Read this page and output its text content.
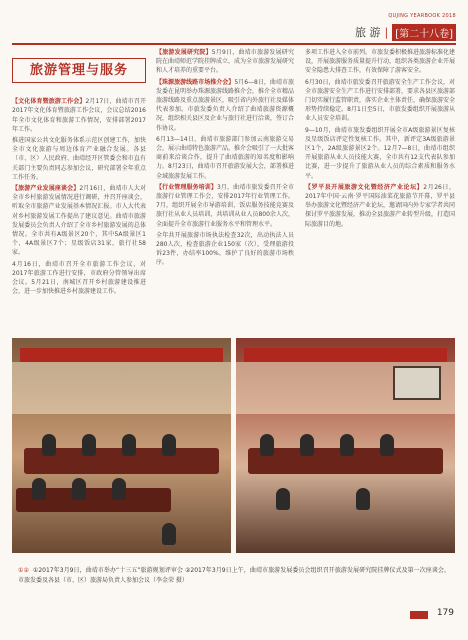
QUJING YEARBOOK 2018
旅 游 | [第二十八卷]
旅游管理与服务

【文化体育暨旅游工作会】2月17日，曲靖市召开2017年文化体育暨旅游工作会议，会议总结2016年全市文化体育和旅游工作情况，安排部署2017年工作。

推进国家公共文化服务体系示范区创建工作，加快全市文化旅游与周边体育产业融合发展。各县（市、区）人民政府、曲靖经开区管委会和市直有关部门主要负责同志参加会议，研究部署全年重点工作任务。

【旅游产业发展座谈会】2月16日，曲靖市人大对全市乡村旅游发展情况进行调研，并召开座谈会，听取全市旅游产业发展基本情况汇报。市人大代表对乡村旅游发展工作提出了建议意见。曲靖市旅游发展委员会负责人介绍了全市乡村旅游发展的总体情况。全市共有A级景区20个，其中5A级景区1个，4A级景区7个；星级饭店31家，旅行社58家。

4月16日，曲靖市召开全市旅游工作会议，对2017年旅游工作进行安排，市政府分管领导出席会议。5月21日，南城区召开乡村旅游建设推进会，进一步加快推进乡村旅游建设工作。

【旅游发展研究院】5月9日，曲靖市旅游发展研究院在曲靖师范学院挂牌成立，成为全市旅游发展研究和人才培养的重要平台。

【珠源旅游线路市场推介会】5月6—8日，曲靖市旅发委在昆明举办珠源旅游线路推介会，推介全市精品旅游线路及重点旅游景区，吸引省内外旅行社及媒体代表参加。市旅发委负责人介绍了曲靖旅游资源概况，组织相关县区及企业与旅行社进行洽谈，签订合作协议。

6月13—14日，曲靖市旅游部门参加云南旅游交易会，展示曲靖特色旅游产品，推介会吸引了一大批客商前来洽谈合作，提升了曲靖旅游的知名度和影响力。8月23日，曲靖市召开旅游发展大会，部署推进全域旅游发展工作。

【行业管理服务培训】3月，曲靖市旅发委召开全市旅游行业管理工作会，安排2017年行业管理工作。7月，组织开展全市导游培训、饭店服务技能竞赛及旅行社从业人员培训，共培训从业人员800余人次，全面提升全市旅游行业服务水平和管理水平。

全年共开展旅游市场执法检查32次，出动执法人员280人次，检查旅游企业150家（次），受理旅游投诉23件，办结率100%，维护了良好的旅游市场秩序。

多项工作进入全市前列。市旅发委积极推进旅游标准化建设，开展旅游服务质量提升行动，组织各类旅游企业开展安全隐患大排查工作，有效保障了游客安全。

6月30日，曲靖市旅发委召开旅游安全生产工作会议，对全市旅游安全生产工作进行安排部署，要求各县区旅游部门切实履行监管职责，落实企业主体责任，确保旅游安全形势持续稳定。8月1日至5日，市旅发委组织开展旅游从业人员安全培训。

9—10月，曲靖市旅发委组织开展全市A级旅游景区复核及星级饭店评定性复核工作。其中，新评定3A级旅游景区1个，2A级旅游景区2个。12月7—8日，曲靖市组织开展旅游从业人员技能大赛，全市共有12支代表队参加比赛，进一步提升了旅游从业人员的综合素质和服务水平。

【罗平县开展旅游文化暨经济产业论坛】2月26日，2017年中国·云南·罗平国际油菜花旅游节开幕，罗平县举办旅游文化暨经济产业论坛，邀请国内外专家学者共同探讨罗平旅游发展，推动全县旅游产业转型升级，打造国际旅游目的地。

①② ①2017年3月9日，曲靖市举办“十三五”旅游规划评审会 ②2017年3月9日上午，曲靖市旅游发展委员会组织召开旅游发展研究院挂牌仪式及第一次座谈会，市旅发委及各县（市、区）旅游局负责人参加会议（李金荣 摄）
179
